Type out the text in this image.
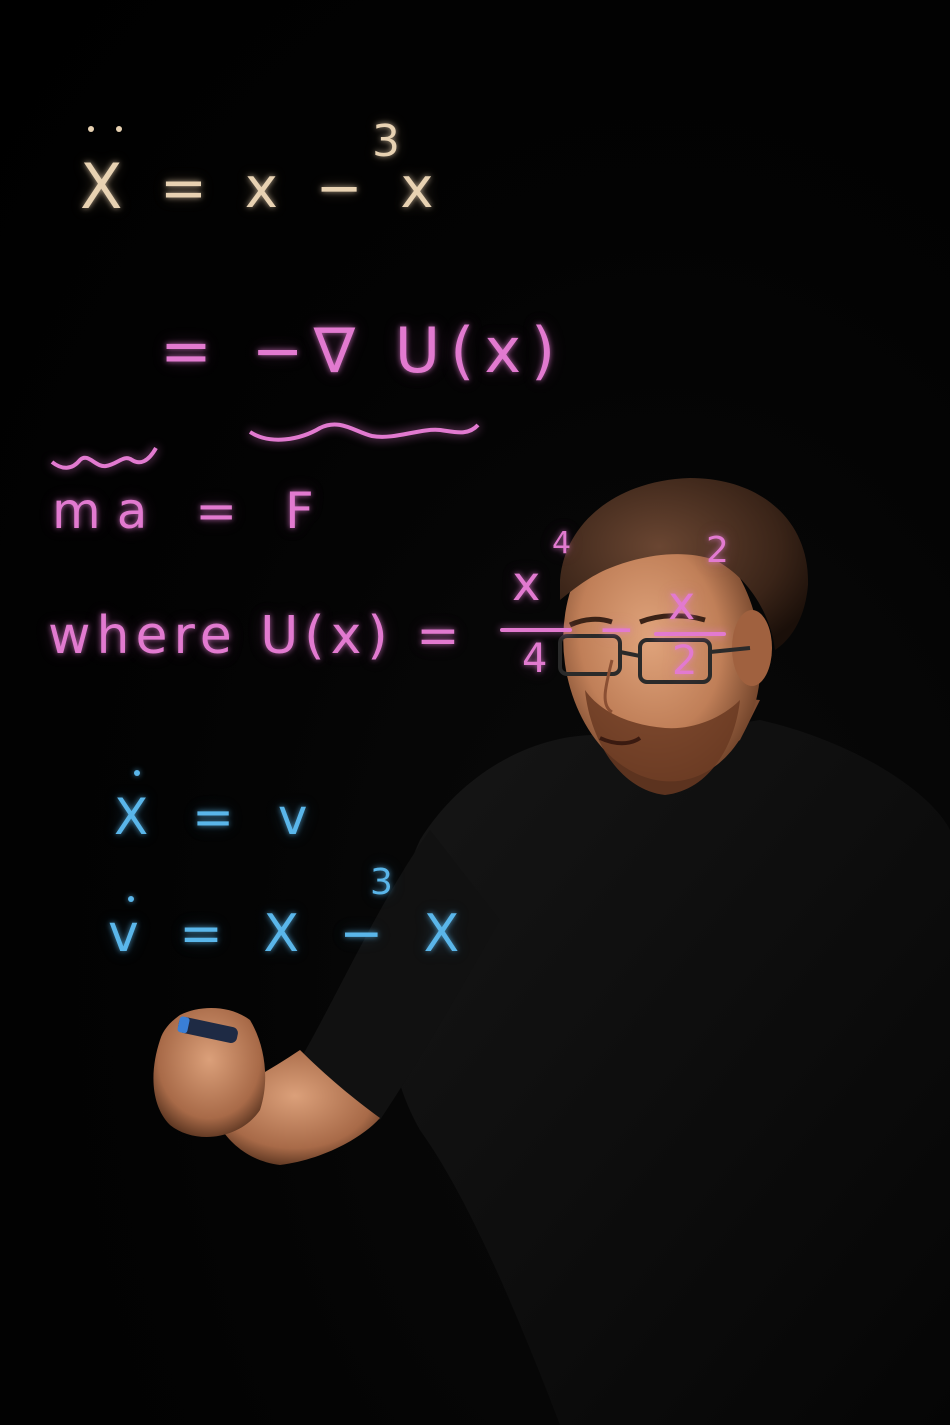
X = x − x
3
= −∇ U(x)
ma = F
where U(x) =
x
4
4
− x
2
2
X = v
v = X − X
3
